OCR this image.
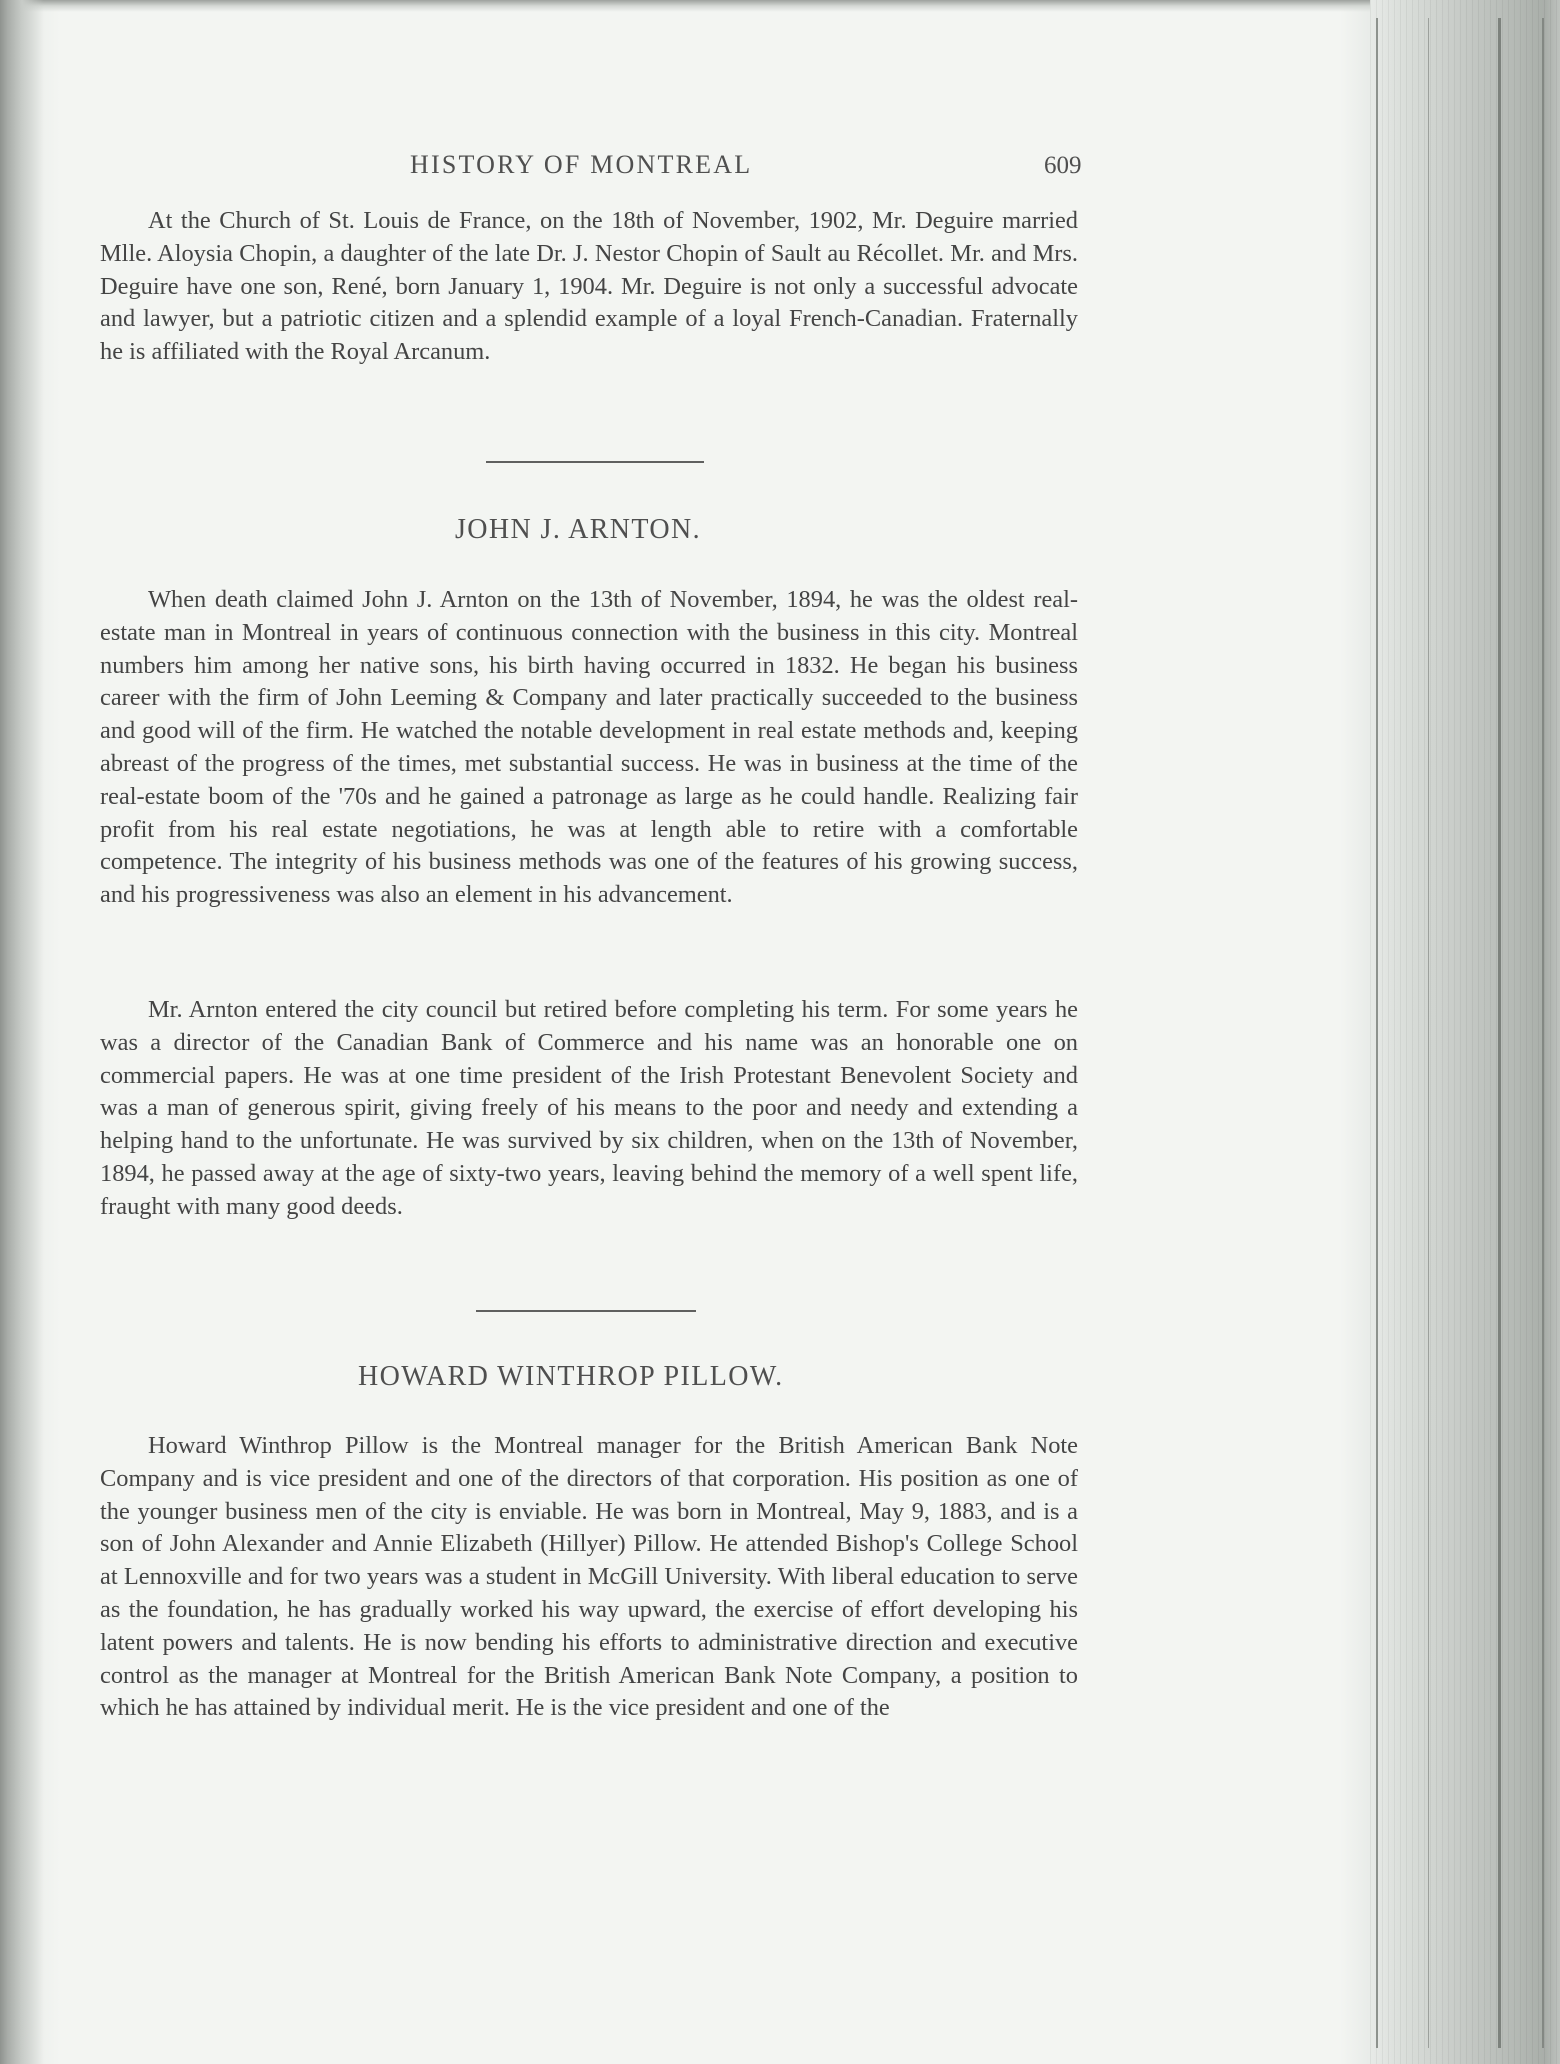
HISTORY OF MONTREAL	609

At the Church of St. Louis de France, on the 18th of November, 1902, Mr. Deguire married Mlle. Aloysia Chopin, a daughter of the late Dr. J. Nestor Chopin of Sault au Récollet. Mr. and Mrs. Deguire have one son, René, born January 1, 1904. Mr. Deguire is not only a successful advocate and lawyer, but a patriotic citizen and a splendid example of a loyal French-Canadian. Fraternally he is affiliated with the Royal Arcanum.

JOHN J. ARNTON.

When death claimed John J. Arnton on the 13th of November, 1894, he was the oldest real-estate man in Montreal in years of continuous connection with the business in this city. Montreal numbers him among her native sons, his birth having occurred in 1832. He began his business career with the firm of John Leeming & Company and later practically succeeded to the business and good will of the firm. He watched the notable development in real estate methods and, keeping abreast of the progress of the times, met substantial success. He was in business at the time of the real-estate boom of the '70s and he gained a patronage as large as he could handle. Realizing fair profit from his real estate negotiations, he was at length able to retire with a comfortable competence. The integrity of his business methods was one of the features of his growing success, and his progressiveness was also an element in his advancement.

Mr. Arnton entered the city council but retired before completing his term. For some years he was a director of the Canadian Bank of Commerce and his name was an honorable one on commercial papers. He was at one time president of the Irish Protestant Benevolent Society and was a man of generous spirit, giving freely of his means to the poor and needy and extending a helping hand to the unfortunate. He was survived by six children, when on the 13th of November, 1894, he passed away at the age of sixty-two years, leaving behind the memory of a well spent life, fraught with many good deeds.

HOWARD WINTHROP PILLOW.

Howard Winthrop Pillow is the Montreal manager for the British American Bank Note Company and is vice president and one of the directors of that corporation. His position as one of the younger business men of the city is enviable. He was born in Montreal, May 9, 1883, and is a son of John Alexander and Annie Elizabeth (Hillyer) Pillow. He attended Bishop's College School at Lennoxville and for two years was a student in McGill University. With liberal education to serve as the foundation, he has gradually worked his way upward, the exercise of effort developing his latent powers and talents. He is now bending his efforts to administrative direction and executive control as the manager at Montreal for the British American Bank Note Company, a position to which he has attained by individual merit. He is the vice president and one of the
